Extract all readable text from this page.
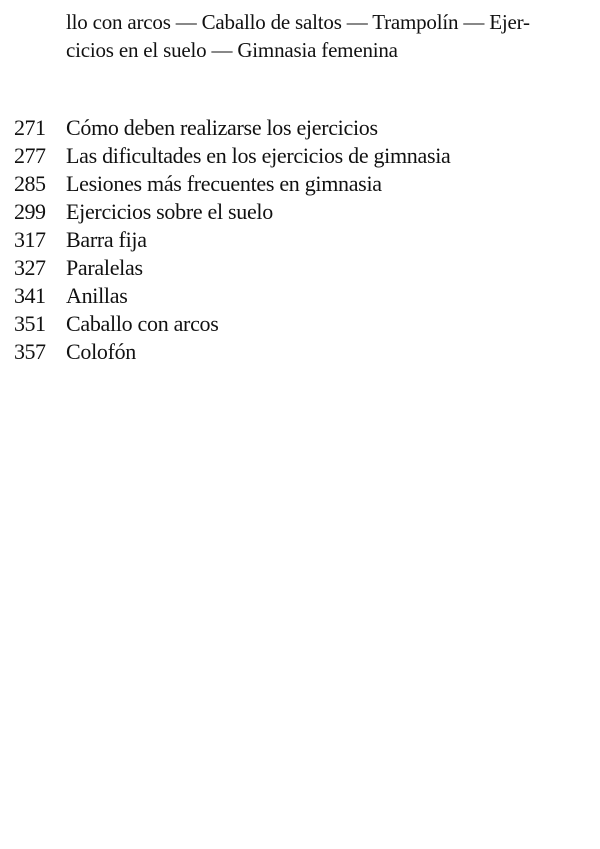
llo con arcos — Caballo de saltos — Trampolín — Ejer-
cicios en el suelo — Gimnasia femenina

271 Cómo deben realizarse los ejercicios
277 Las dificultades en los ejercicios de gimnasia
285 Lesiones más frecuentes en gimnasia
299 Ejercicios sobre el suelo
317 Barra fija
327 Paralelas
341 Anillas
351 Caballo con arcos
357 Colofón
